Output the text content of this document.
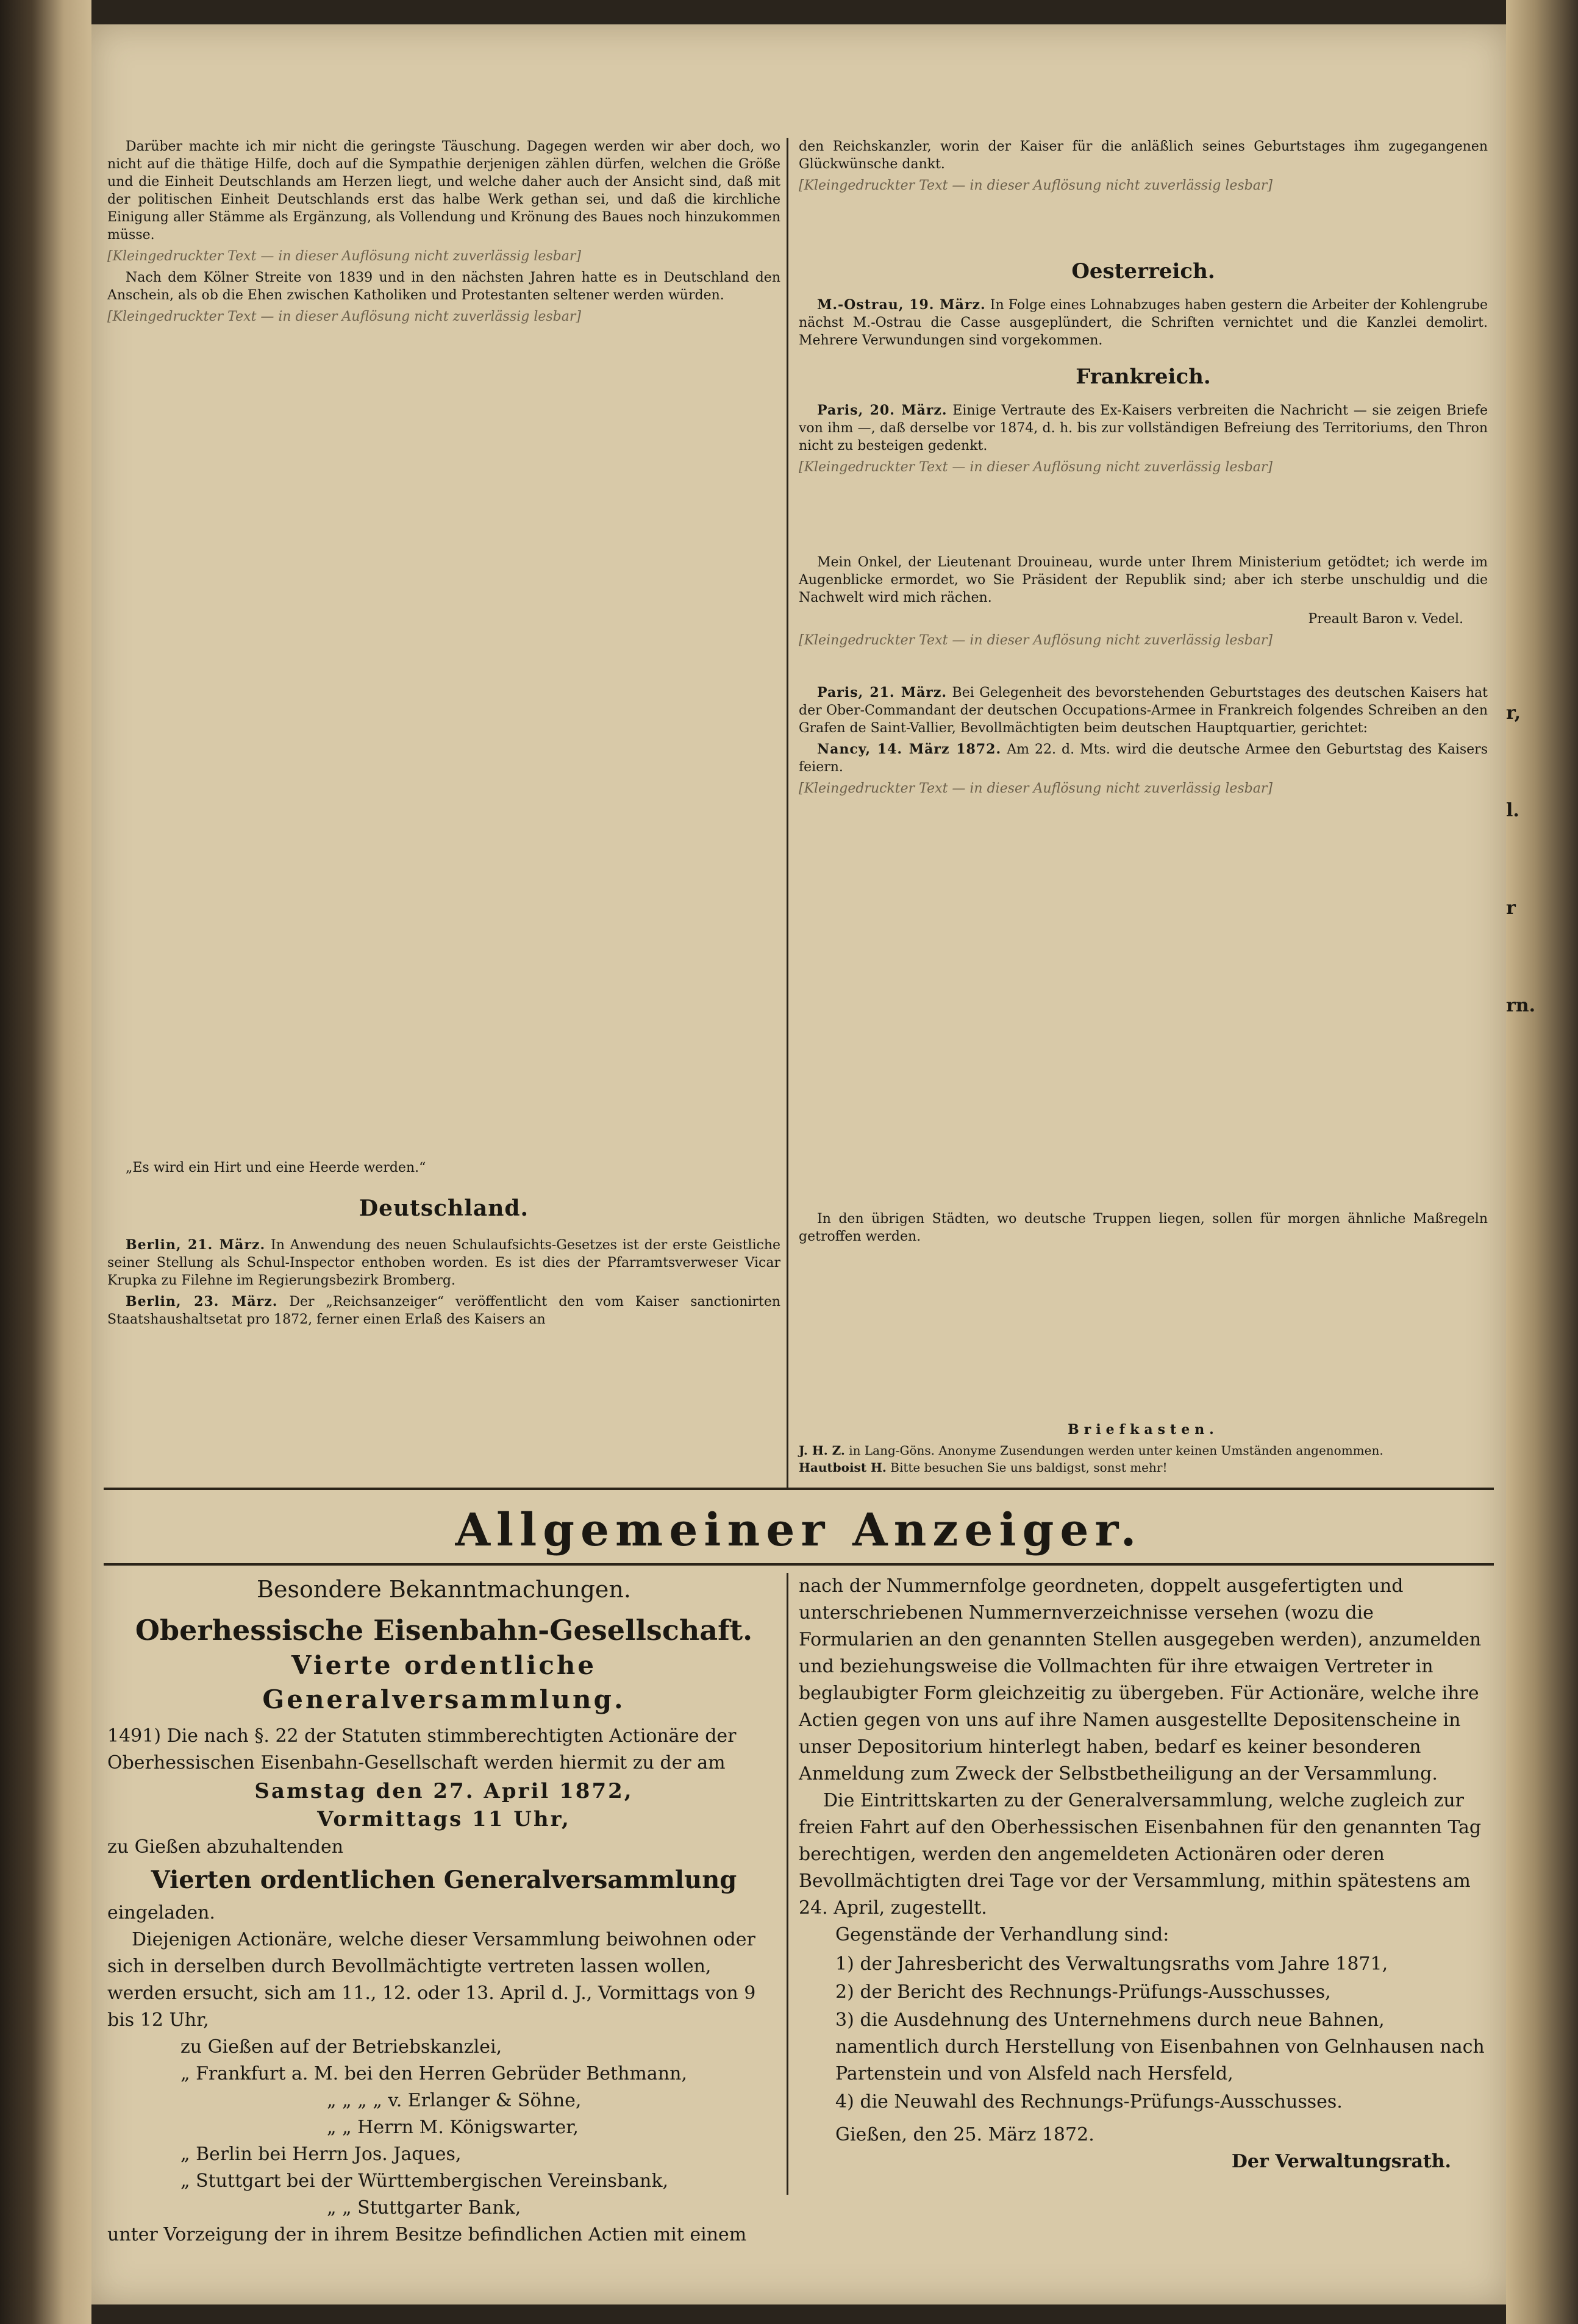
r,
l.
r
rn.

Darüber machte ich mir nicht die geringste Täuschung. Dagegen werden wir aber doch, wo nicht auf die thätige Hilfe, doch auf die Sympathie derjenigen zählen dürfen, welchen die Größe und die Einheit Deutschlands am Herzen liegt, und welche daher auch der Ansicht sind, daß mit der politischen Einheit Deutschlands erst das halbe Werk gethan sei, und daß die kirchliche Einigung aller Stämme als Ergänzung, als Vollendung und Krönung des Baues noch hinzukommen müsse.

[Kleingedruckter Text — in dieser Auflösung nicht zuverlässig lesbar]

Nach dem Kölner Streite von 1839 und in den nächsten Jahren hatte es in Deutschland den Anschein, als ob die Ehen zwischen Katholiken und Protestanten seltener werden würden.

[Kleingedruckter Text — in dieser Auflösung nicht zuverlässig lesbar]

„Es wird ein Hirt und eine Heerde werden.“

Deutschland.

Berlin, 21. März. In Anwendung des neuen Schulaufsichts-Gesetzes ist der erste Geistliche seiner Stellung als Schul-Inspector enthoben worden. Es ist dies der Pfarramtsverweser Vicar Krupka zu Filehne im Regierungsbezirk Bromberg.

Berlin, 23. März. Der „Reichsanzeiger“ veröffentlicht den vom Kaiser sanctionirten Staatshaushaltsetat pro 1872, ferner einen Erlaß des Kaisers an

den Reichskanzler, worin der Kaiser für die anläßlich seines Geburtstages ihm zugegangenen Glückwünsche dankt.

[Kleingedruckter Text — in dieser Auflösung nicht zuverlässig lesbar]

Oesterreich.

M.-Ostrau, 19. März. In Folge eines Lohnabzuges haben gestern die Arbeiter der Kohlengrube nächst M.-Ostrau die Casse ausgeplündert, die Schriften vernichtet und die Kanzlei demolirt. Mehrere Verwundungen sind vorgekommen.

Frankreich.

Paris, 20. März. Einige Vertraute des Ex-Kaisers verbreiten die Nachricht — sie zeigen Briefe von ihm —, daß derselbe vor 1874, d. h. bis zur vollständigen Befreiung des Territoriums, den Thron nicht zu besteigen gedenkt.

[Kleingedruckter Text — in dieser Auflösung nicht zuverlässig lesbar]

Mein Onkel, der Lieutenant Drouineau, wurde unter Ihrem Ministerium getödtet; ich werde im Augenblicke ermordet, wo Sie Präsident der Republik sind; aber ich sterbe unschuldig und die Nachwelt wird mich rächen.

Preault Baron v. Vedel.

[Kleingedruckter Text — in dieser Auflösung nicht zuverlässig lesbar]

Paris, 21. März. Bei Gelegenheit des bevorstehenden Geburtstages des deutschen Kaisers hat der Ober-Commandant der deutschen Occupations-Armee in Frankreich folgendes Schreiben an den Grafen de Saint-Vallier, Bevollmächtigten beim deutschen Hauptquartier, gerichtet:

Nancy, 14. März 1872. Am 22. d. Mts. wird die deutsche Armee den Geburtstag des Kaisers feiern.

[Kleingedruckter Text — in dieser Auflösung nicht zuverlässig lesbar]

In den übrigen Städten, wo deutsche Truppen liegen, sollen für morgen ähnliche Maßregeln getroffen werden.

Briefkasten.
J. H. Z. in Lang-Göns. Anonyme Zusendungen werden unter keinen Umständen angenommen.
Hautboist H. Bitte besuchen Sie uns baldigst, sonst mehr!
Allgemeiner Anzeiger.
Besondere Bekanntmachungen.
Oberhessische Eisenbahn-Gesellschaft.
Vierte ordentliche Generalversammlung.

1491) Die nach §. 22 der Statuten stimmberechtigten Actionäre der Oberhessischen Eisenbahn-Gesellschaft werden hiermit zu der am

Samstag den 27. April 1872,
Vormittags 11 Uhr,

zu Gießen abzuhaltenden

Vierten ordentlichen Generalversammlung

eingeladen.

Diejenigen Actionäre, welche dieser Versammlung beiwohnen oder sich in derselben durch Bevollmächtigte vertreten lassen wollen, werden ersucht, sich am 11., 12. oder 13. April d. J., Vormittags von 9 bis 12 Uhr,

zu Gießen auf der Betriebskanzlei,

„ Frankfurt a. M. bei den Herren Gebrüder Bethmann,

„ „ „ „ v. Erlanger & Söhne,

„ „ Herrn M. Königswarter,

„ Berlin bei Herrn Jos. Jaques,

„ Stuttgart bei der Württembergischen Vereinsbank,

„ „ Stuttgarter Bank,

unter Vorzeigung der in ihrem Besitze befindlichen Actien mit einem

nach der Nummernfolge geordneten, doppelt ausgefertigten und unterschriebenen Nummernverzeichnisse versehen (wozu die Formularien an den genannten Stellen ausgegeben werden), anzumelden und beziehungsweise die Vollmachten für ihre etwaigen Vertreter in beglaubigter Form gleichzeitig zu übergeben. Für Actionäre, welche ihre Actien gegen von uns auf ihre Namen ausgestellte Depositenscheine in unser Depositorium hinterlegt haben, bedarf es keiner besonderen Anmeldung zum Zweck der Selbstbetheiligung an der Versammlung.

Die Eintrittskarten zu der Generalversammlung, welche zugleich zur freien Fahrt auf den Oberhessischen Eisenbahnen für den genannten Tag berechtigen, werden den angemeldeten Actionären oder deren Bevollmächtigten drei Tage vor der Versammlung, mithin spätestens am 24. April, zugestellt.

Gegenstände der Verhandlung sind:

1) der Jahresbericht des Verwaltungsraths vom Jahre 1871,
2) der Bericht des Rechnungs-Prüfungs-Ausschusses,
3) die Ausdehnung des Unternehmens durch neue Bahnen, namentlich durch Herstellung von Eisenbahnen von Gelnhausen nach Partenstein und von Alsfeld nach Hersfeld,
4) die Neuwahl des Rechnungs-Prüfungs-Ausschusses.

Gießen, den 25. März 1872.

Der Verwaltungsrath.
